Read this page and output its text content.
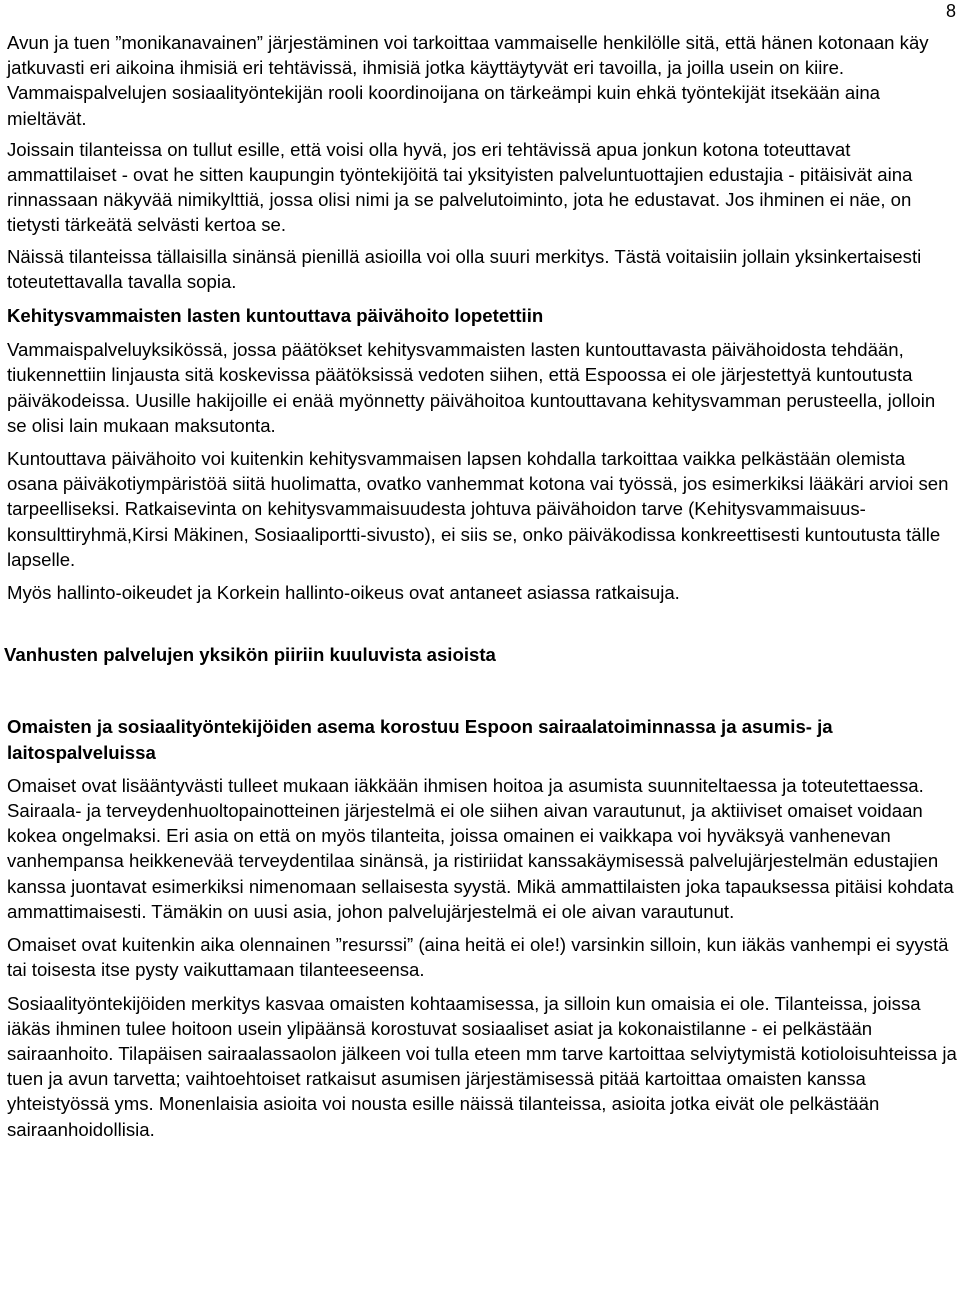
8

Avun ja tuen ”monikanavainen” järjestäminen voi tarkoittaa vammaiselle henkilölle sitä, että hänen kotonaan käy jatkuvasti eri aikoina ihmisiä eri tehtävissä, ihmisiä jotka käyttäytyvät eri tavoilla, ja joilla usein on kiire. Vammaispalvelujen sosiaalityöntekijän rooli koordinoijana on tärkeämpi kuin ehkä työntekijät itsekään aina mieltävät.

Joissain tilanteissa on tullut esille, että voisi olla hyvä, jos eri tehtävissä apua jonkun kotona toteuttavat ammattilaiset - ovat he sitten kaupungin työntekijöitä tai yksityisten palveluntuottajien edustajia - pitäisivät aina rinnassaan näkyvää nimikylttiä, jossa olisi nimi ja se palvelutoiminto, jota he edustavat. Jos ihminen ei näe, on tietysti tärkeätä selvästi kertoa se.

Näissä tilanteissa tällaisilla sinänsä pienillä asioilla voi olla suuri merkitys. Tästä voitaisiin jollain yksinkertaisesti toteutettavalla tavalla sopia.

Kehitysvammaisten lasten kuntouttava päivähoito lopetettiin

Vammaispalveluyksikössä, jossa päätökset kehitysvammaisten lasten kuntouttavasta päivähoidosta tehdään, tiukennettiin linjausta sitä koskevissa päätöksissä vedoten siihen, että Espoossa ei ole järjestettyä kuntoutusta päiväkodeissa. Uusille hakijoille ei enää myönnetty päivähoitoa kuntouttavana kehitysvamman perusteella, jolloin se olisi lain mukaan maksutonta.

Kuntouttava päivähoito voi kuitenkin kehitysvammaisen lapsen kohdalla tarkoittaa vaikka pelkästään olemista osana päiväkotiympäristöä siitä huolimatta, ovatko vanhemmat kotona vai työssä, jos esimerkiksi lääkäri arvioi sen tarpeelliseksi. Ratkaisevinta on kehitysvammaisuudesta johtuva päivähoidon tarve (Kehitysvammaisuus-konsulttiryhmä,Kirsi Mäkinen, Sosiaaliportti-sivusto), ei siis se, onko päiväkodissa konkreettisesti kuntoutusta tälle lapselle.

Myös hallinto-oikeudet ja Korkein hallinto-oikeus ovat antaneet asiassa ratkaisuja.

Vanhusten palvelujen yksikön piiriin kuuluvista asioista
Omaisten ja sosiaalityöntekijöiden asema korostuu Espoon sairaalatoiminnassa ja asumis- ja laitospalveluissa

Omaiset ovat lisääntyvästi tulleet mukaan iäkkään ihmisen hoitoa ja asumista suunniteltaessa ja toteutettaessa. Sairaala- ja terveydenhuoltopainotteinen järjestelmä ei ole siihen aivan varautunut, ja aktiiviset omaiset voidaan kokea ongelmaksi. Eri asia on että on myös tilanteita, joissa omainen ei vaikkapa voi hyväksyä vanhenevan vanhempansa heikkenevää terveydentilaa sinänsä, ja ristiriidat kanssakäymisessä palvelujärjestelmän edustajien kanssa juontavat esimerkiksi nimenomaan sellaisesta syystä. Mikä ammattilaisten joka tapauksessa pitäisi kohdata ammattimaisesti. Tämäkin on uusi asia, johon palvelujärjestelmä ei ole aivan varautunut.

Omaiset ovat kuitenkin aika olennainen ”resurssi” (aina heitä ei ole!) varsinkin silloin, kun iäkäs vanhempi ei syystä tai toisesta itse pysty vaikuttamaan tilanteeseensa.

Sosiaalityöntekijöiden merkitys kasvaa omaisten kohtaamisessa, ja silloin kun omaisia ei ole. Tilanteissa, joissa iäkäs ihminen tulee hoitoon usein ylipäänsä korostuvat sosiaaliset asiat ja kokonaistilanne - ei pelkästään sairaanhoito. Tilapäisen sairaalassaolon jälkeen voi tulla eteen mm tarve kartoittaa selviytymistä kotioloisuhteissa ja tuen ja avun tarvetta; vaihtoehtoiset ratkaisut asumisen järjestämisessä pitää kartoittaa omaisten kanssa yhteistyössä yms. Monenlaisia asioita voi nousta esille näissä tilanteissa, asioita jotka eivät ole pelkästään sairaanhoidollisia.
